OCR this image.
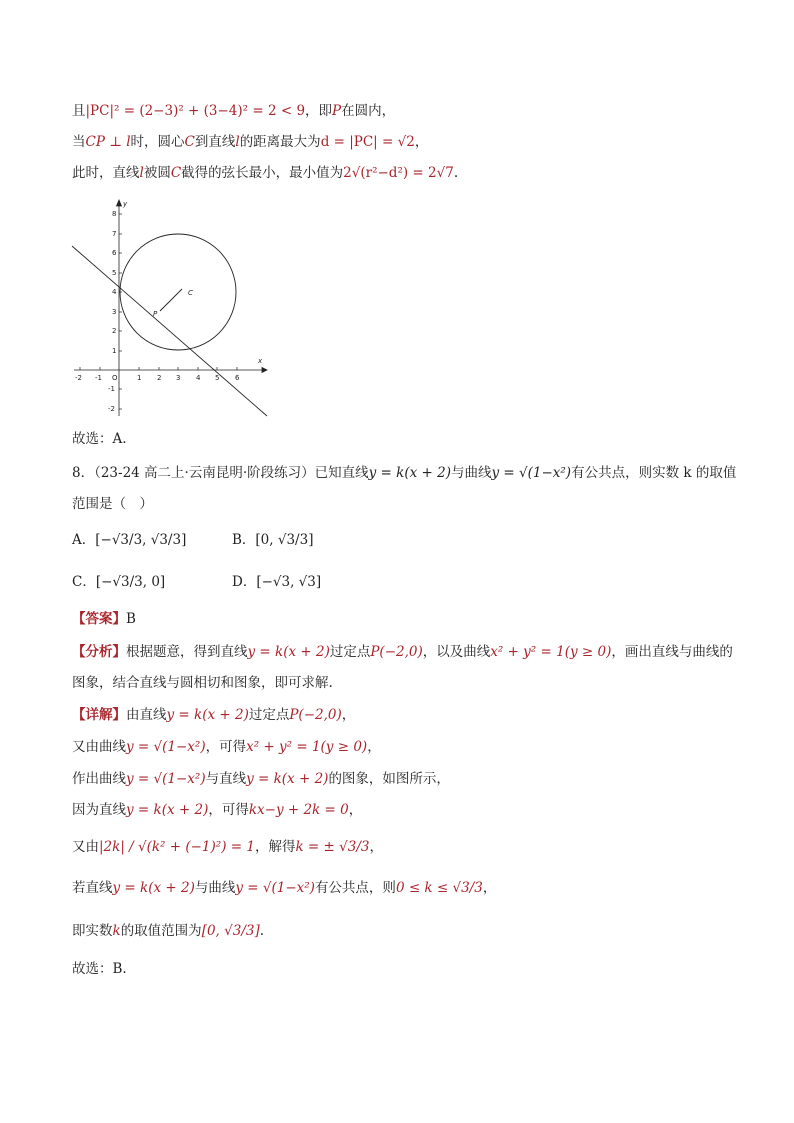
且|PC|² = (2−3)² + (3−4)² = 2 < 9，即P在圆内，
当CP ⊥ l时，圆心C到直线l的距离最大为d = |PC| = √2，
此时，直线l被圆C截得的弦长最小，最小值为2√(r²−d²) = 2√7.
x
y
-2 -1 O	1 2 3 4 5 6
8
7
6
5
4
3
2
1
-1
-2
C
P
故选：A.
8．（23-24 高二上·云南昆明·阶段练习）已知直线y = k(x + 2)与曲线y = √(1−x²)有公共点，则实数 k 的取值
范围是（　）
A．[−√3/3, √3/3]	B．[0, √3/3]
C．[−√3/3, 0]	D．[−√3, √3]
【答案】B
【分析】根据题意，得到直线y = k(x + 2)过定点P(−2,0)，以及曲线x² + y² = 1(y ≥ 0)，画出直线与曲线的
图象，结合直线与圆相切和图象，即可求解.
【详解】由直线y = k(x + 2)过定点P(−2,0)，
又由曲线y = √(1−x²)，可得x² + y² = 1(y ≥ 0)，
作出曲线y = √(1−x²)与直线y = k(x + 2)的图象，如图所示，
因为直线y = k(x + 2)，可得kx−y + 2k = 0，
又由|2k| / √(k² + (−1)²) = 1，解得k = ± √3/3，
若直线y = k(x + 2)与曲线y = √(1−x²)有公共点，则0 ≤ k ≤ √3/3，
即实数k的取值范围为[0, √3/3].
故选：B.
